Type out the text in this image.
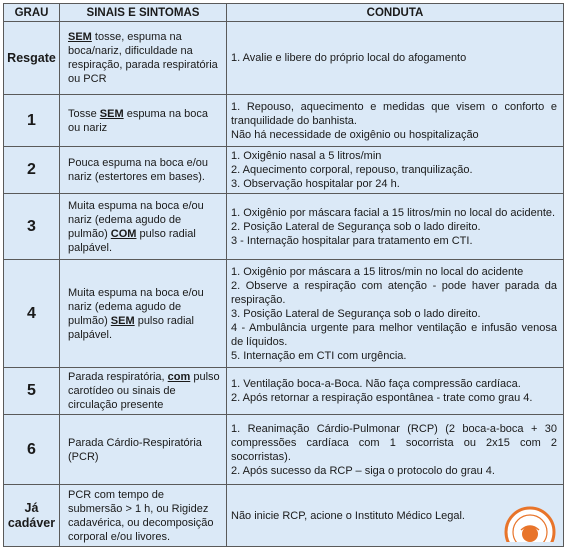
GRAU	SINAIS E SINTOMAS	CONDUTA
Resgate	SEM tosse, espuma na boca/nariz, dificuldade na respiração, parada respiratória ou PCR	1. Avalie e libere do próprio local do afogamento

1	Tosse SEM espuma na boca ou nariz	1. Repouso, aquecimento e medidas que visem o conforto e tranquilidade do banhista.
Não há necessidade de oxigênio ou hospitalização

2	Pouca espuma na boca e/ou nariz (estertores em bases).	1. Oxigênio nasal a 5 litros/min
2. Aquecimento corporal, repouso, tranquilização.
3. Observação hospitalar por 24 h.

3	Muita espuma na boca e/ou nariz (edema agudo de pulmão) COM pulso radial palpável.	1. Oxigênio por máscara facial a 15 litros/min no local do acidente.
2. Posição Lateral de Segurança sob o lado direito.
3 - Internação hospitalar para tratamento em CTI.

4	Muita espuma na boca e/ou nariz (edema agudo de pulmão) SEM pulso radial palpável.	1. Oxigênio por máscara a 15 litros/min no local do acidente
2. Observe a respiração com atenção - pode haver parada da respiração.
3. Posição Lateral de Segurança sob o lado direito.
4 - Ambulância urgente para melhor ventilação e infusão venosa de líquidos.
5. Internação em CTI com urgência.

5	Parada respiratória, com pulso carotídeo ou sinais de circulação presente	1. Ventilação boca-a-Boca. Não faça compressão cardíaca.
2. Após retornar a respiração espontânea - trate como grau 4.

6	Parada Cárdio-Respiratória (PCR)	1. Reanimação Cárdio-Pulmonar (RCP) (2 boca-a-boca + 30 compressões cardíaca com 1 socorrista ou 2x15 com 2 socorristas).
2. Após sucesso da RCP – siga o protocolo do grau 4.

Já cadáver	PCR com tempo de submersão > 1 h, ou Rigidez cadavérica, ou decomposição corporal e/ou livores.	Não inicie RCP, acione o Instituto Médico Legal.
